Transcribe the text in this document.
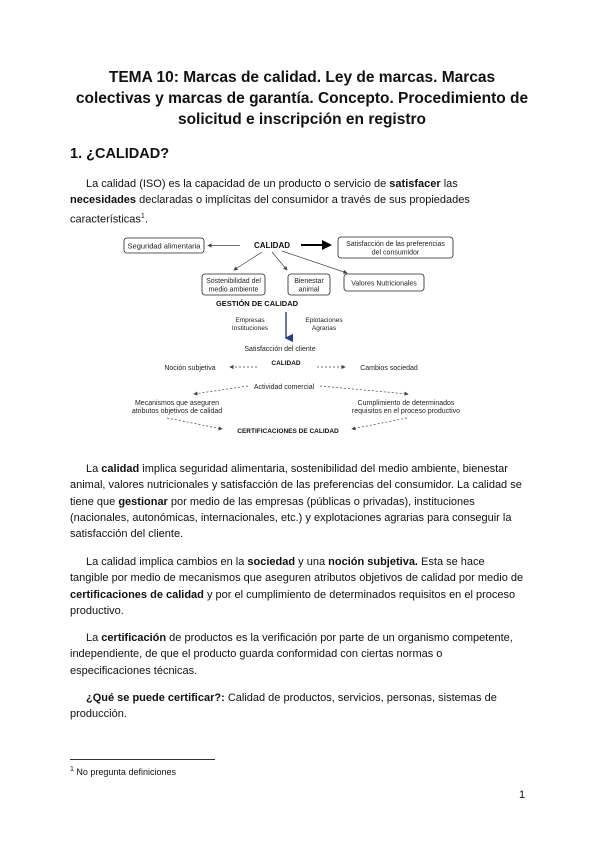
TEMA 10: Marcas de calidad. Ley de marcas. Marcas
colectivas y marcas de garantía. Concepto. Procedimiento de
solicitud e inscripción en registro
1. ¿CALIDAD?

La calidad (ISO) es la capacidad de un producto o servicio de satisfacer las

necesidades declaradas o implícitas del consumidor a través de sus propiedades

características$^1$.

Seguridad alimentaria	CALIDAD	Satisfacción de las preferencias
del consumidor
Sostenibilidad del
medio ambiente
Bienestar
animal
Valores Nutricionales
GESTIÓN DE CALIDAD
Empresas
Instituciones
Eplotaciones
Agrarias
Satisfacción del cliente
CALIDAD
Noción subjetiva	Cambios sociedad
Actividad comercial
Mecanismos que aseguren
atributos objetivos de calidad
Cumplimiento de determinados
requisitos en el proceso productivo
CERTIFICACIONES DE CALIDAD

La calidad implica seguridad alimentaria, sostenibilidad del medio ambiente, bienestar

animal, valores nutricionales y satisfacción de las preferencias del consumidor. La calidad se

tiene que gestionar por medio de las empresas (públicas o privadas), instituciones

(nacionales, autonómicas, internacionales, etc.) y explotaciones agrarias para conseguir la

satisfacción del cliente.

La calidad implica cambios en la sociedad y una noción subjetiva. Esta se hace

tangible por medio de mecanismos que aseguren atributos objetivos de calidad por medio de

certificaciones de calidad y por el cumplimiento de determinados requisitos en el proceso

productivo.

La certificación de productos es la verificación por parte de un organismo competente,

independiente, de que el producto guarda conformidad con ciertas normas o

especificaciones técnicas.

¿Qué se puede certificar?: Calidad de productos, servicios, personas, sistemas de

producción.

$^1$ No pregunta definiciones
1
